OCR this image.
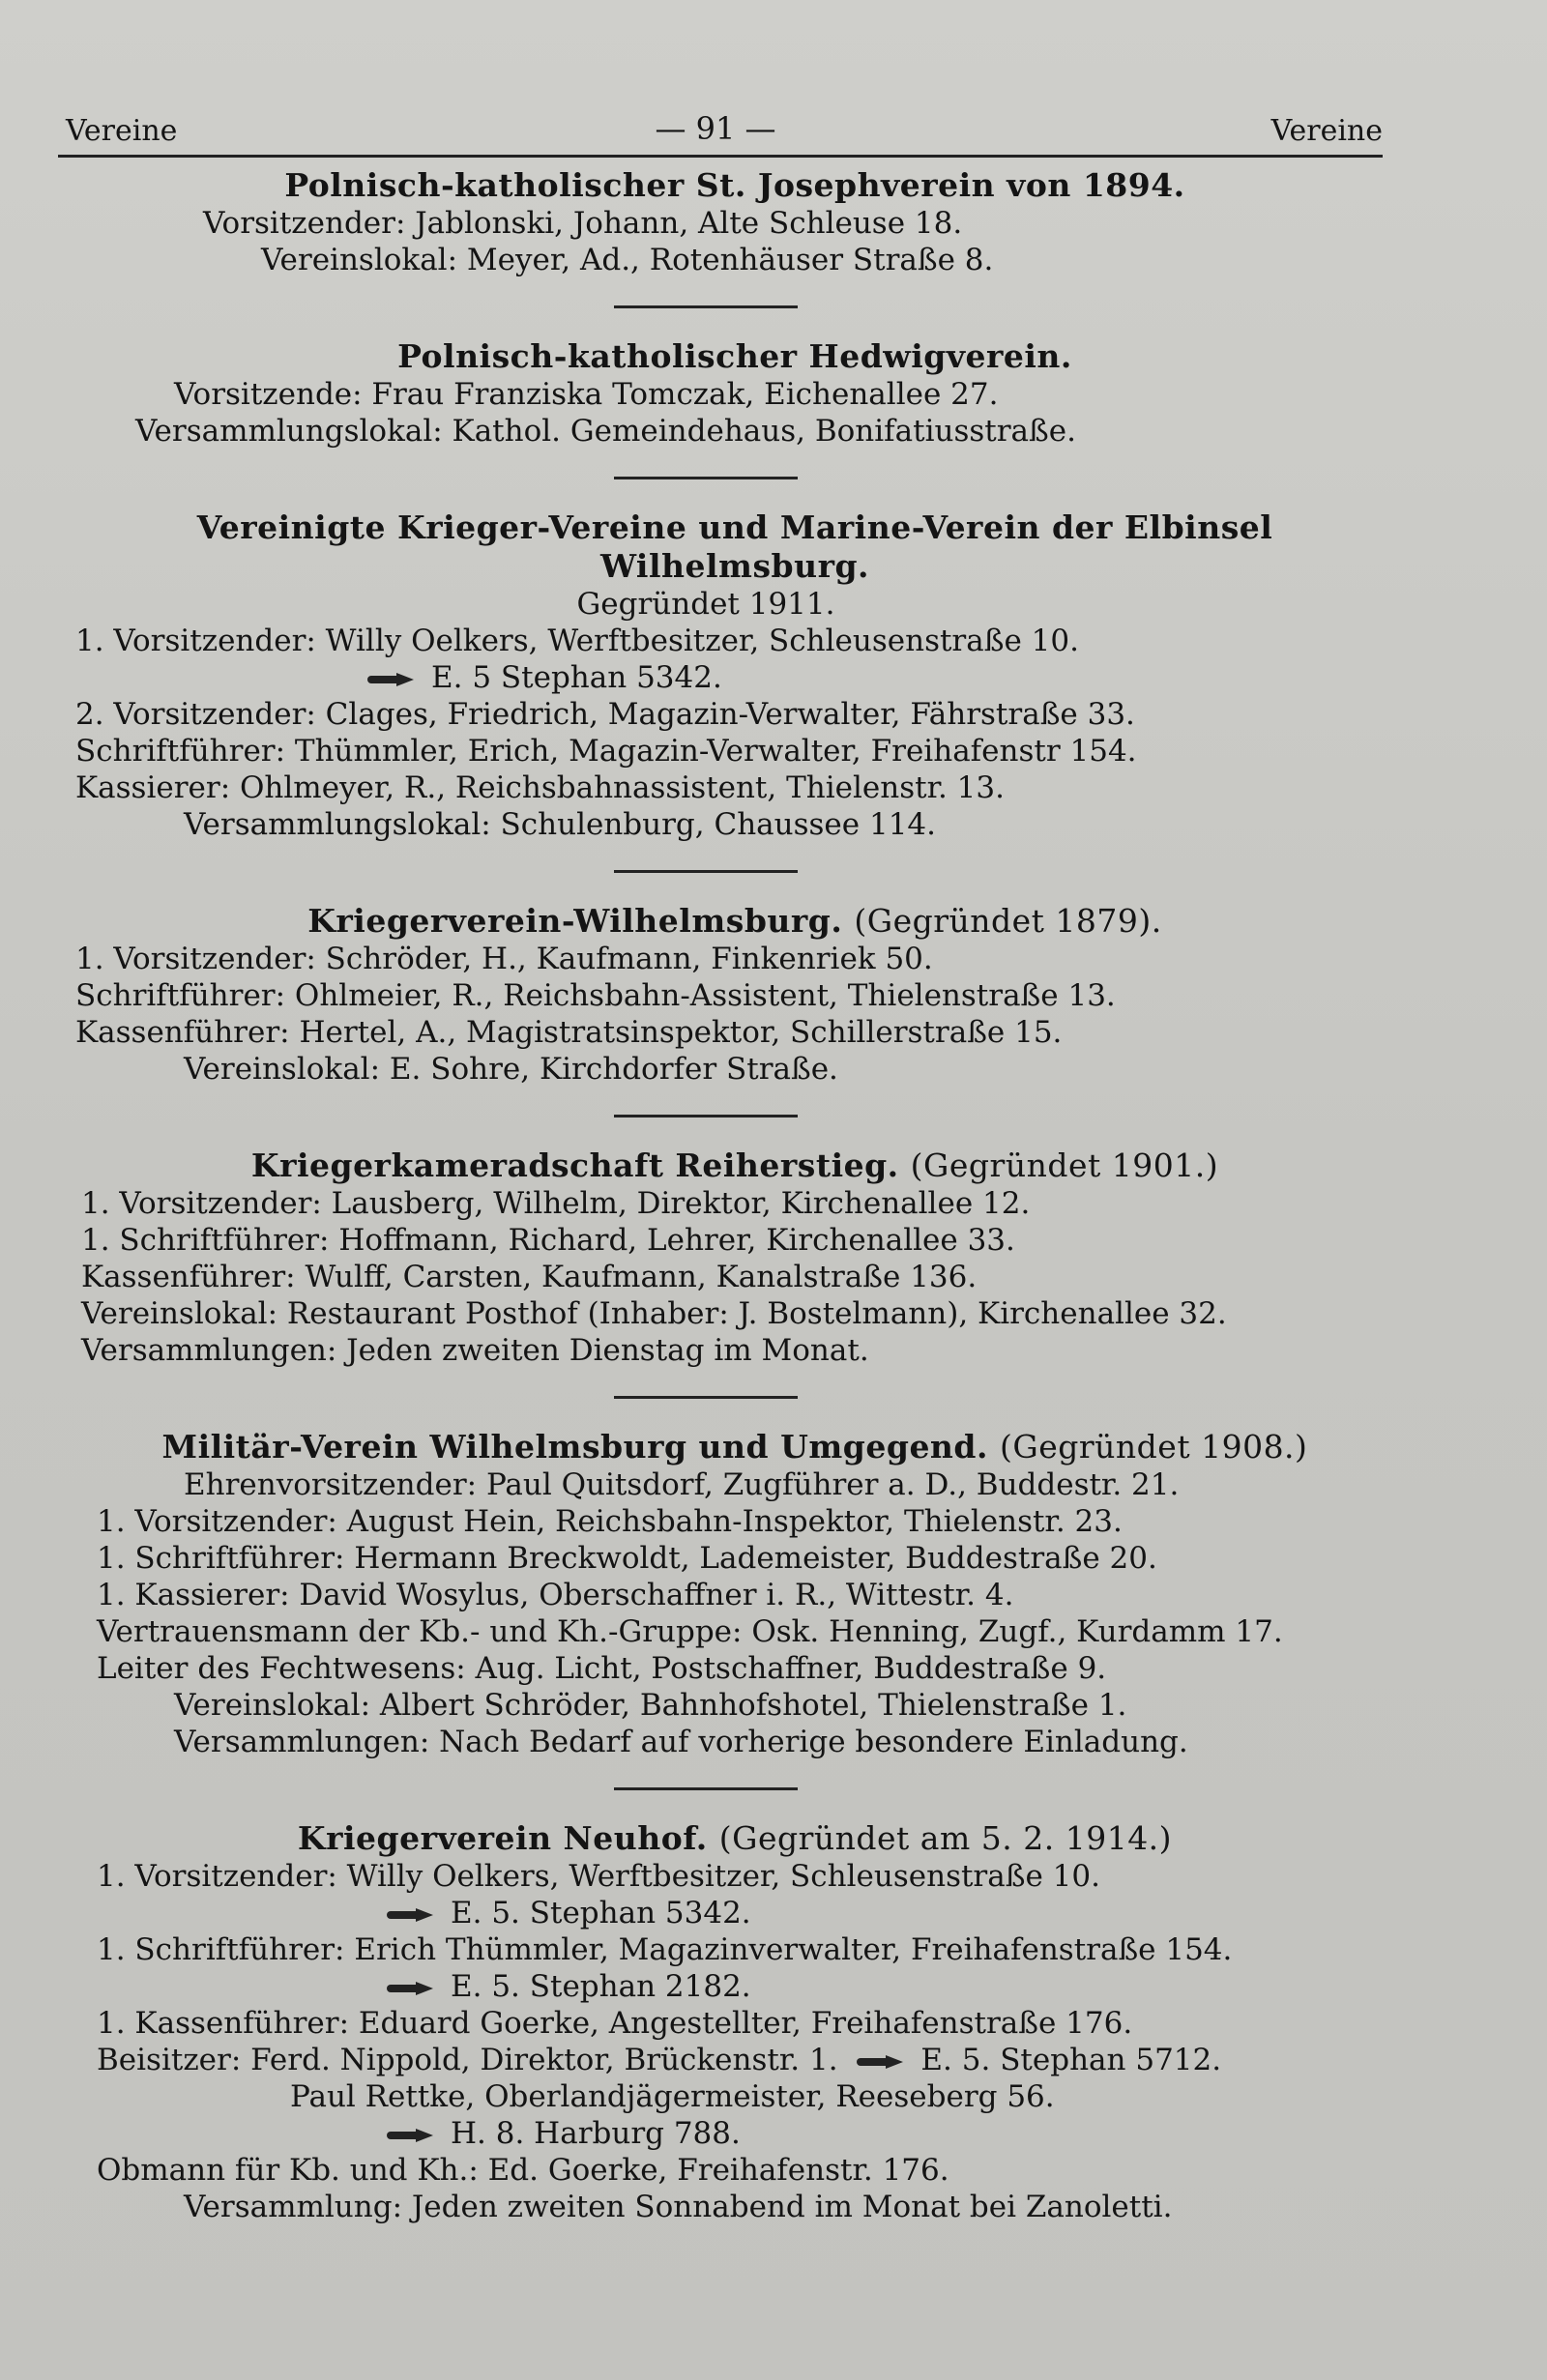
Vereine	— 91 —	Vereine
Polnisch-katholischer St. Josephverein von 1894.
Vorsitzender: Jablonski, Johann, Alte Schleuse 18.
Vereinslokal: Meyer, Ad., Rotenhäuser Straße 8.
Polnisch-katholischer Hedwigverein.
Vorsitzende: Frau Franziska Tomczak, Eichenallee 27.
Versammlungslokal: Kathol. Gemeindehaus, Bonifatiusstraße.
Vereinigte Krieger-Vereine und Marine-Verein der Elbinsel Wilhelmsburg.
Gegründet 1911.
1. Vorsitzender: Willy Oelkers, Werftbesitzer, Schleusenstraße 10.
E. 5 Stephan 5342.
2. Vorsitzender: Clages, Friedrich, Magazin-Verwalter, Fährstraße 33.
Schriftführer: Thümmler, Erich, Magazin-Verwalter, Freihafenstr 154.
Kassierer: Ohlmeyer, R., Reichsbahnassistent, Thielenstr. 13.
Versammlungslokal: Schulenburg, Chaussee 114.
Kriegerverein-Wilhelmsburg. (Gegründet 1879).
1. Vorsitzender: Schröder, H., Kaufmann, Finkenriek 50.
Schriftführer: Ohlmeier, R., Reichsbahn-Assistent, Thielenstraße 13.
Kassenführer: Hertel, A., Magistratsinspektor, Schillerstraße 15.
Vereinslokal: E. Sohre, Kirchdorfer Straße.
Kriegerkameradschaft Reiherstieg. (Gegründet 1901.)
1. Vorsitzender: Lausberg, Wilhelm, Direktor, Kirchenallee 12.
1. Schriftführer: Hoffmann, Richard, Lehrer, Kirchenallee 33.
Kassenführer: Wulff, Carsten, Kaufmann, Kanalstraße 136.
Vereinslokal: Restaurant Posthof (Inhaber: J. Bostelmann), Kirchenallee 32.
Versammlungen: Jeden zweiten Dienstag im Monat.
Militär-Verein Wilhelmsburg und Umgegend. (Gegründet 1908.)
Ehrenvorsitzender: Paul Quitsdorf, Zugführer a. D., Buddestr. 21.
1. Vorsitzender: August Hein, Reichsbahn-Inspektor, Thielenstr. 23.
1. Schriftführer: Hermann Breckwoldt, Lademeister, Buddestraße 20.
1. Kassierer: David Wosylus, Oberschaffner i. R., Wittestr. 4.
Vertrauensmann der Kb.- und Kh.-Gruppe: Osk. Henning, Zugf., Kurdamm 17.
Leiter des Fechtwesens: Aug. Licht, Postschaffner, Buddestraße 9.
Vereinslokal: Albert Schröder, Bahnhofshotel, Thielenstraße 1.
Versammlungen: Nach Bedarf auf vorherige besondere Einladung.
Kriegerverein Neuhof. (Gegründet am 5. 2. 1914.)
1. Vorsitzender: Willy Oelkers, Werftbesitzer, Schleusenstraße 10.
E. 5. Stephan 5342.
1. Schriftführer: Erich Thümmler, Magazinverwalter, Freihafenstraße 154.
E. 5. Stephan 2182.
1. Kassenführer: Eduard Goerke, Angestellter, Freihafenstraße 176.
Beisitzer: Ferd. Nippold, Direktor, Brückenstr. 1.	E. 5. Stephan 5712.
Paul Rettke, Oberlandjägermeister, Reeseberg 56.
H. 8. Harburg 788.
Obmann für Kb. und Kh.: Ed. Goerke, Freihafenstr. 176.
Versammlung: Jeden zweiten Sonnabend im Monat bei Zanoletti.
